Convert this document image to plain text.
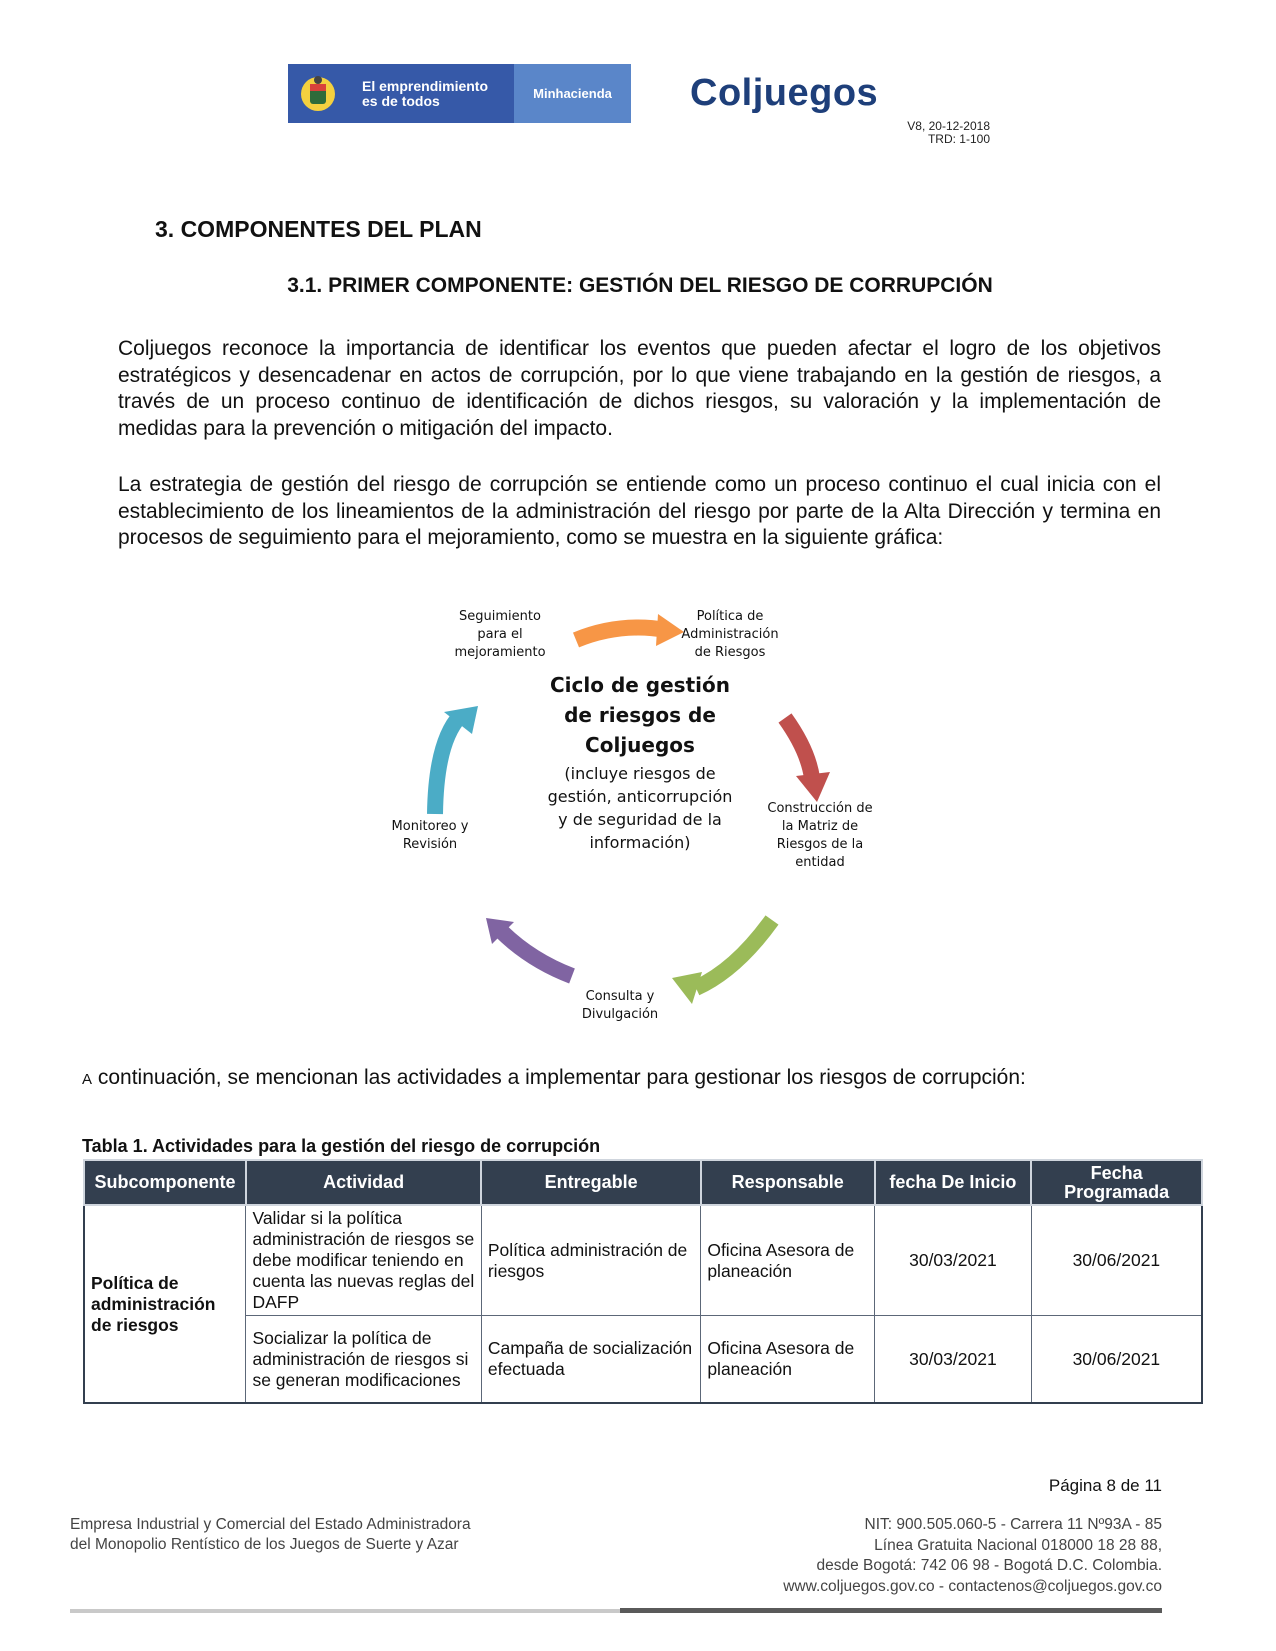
El emprendimiento es de todos	Minhacienda	Coljuegos
V8, 20-12-2018
TRD: 1-100
3. COMPONENTES DEL PLAN
3.1. PRIMER COMPONENTE: GESTIÓN DEL RIESGO DE CORRUPCIÓN

Coljuegos reconoce la importancia de identificar los eventos que pueden afectar el logro de los objetivos estratégicos y desencadenar en actos de corrupción, por lo que viene trabajando en la gestión de riesgos, a través de un proceso continuo de identificación de dichos riesgos, su valoración y la implementación de medidas para la prevención o mitigación del impacto.

La estrategia de gestión del riesgo de corrupción se entiende como un proceso continuo el cual inicia con el establecimiento de los lineamientos de la administración del riesgo por parte de la Alta Dirección y termina en procesos de seguimiento para el mejoramiento, como se muestra en la siguiente gráfica:

Política de
Administración
de Riesgos
Construcción de
la Matriz de
Riesgos de la
entidad
Consulta y
Divulgación
Monitoreo y
Revisión
Seguimiento
para el
mejoramiento
Ciclo de gestión
de riesgos de
Coljuegos
(incluye riesgos de
gestión, anticorrupción
y de seguridad de la
información)
A continuación, se mencionan las actividades a implementar para gestionar los riesgos de corrupción:
Tabla 1. Actividades para la gestión del riesgo de corrupción
Subcomponente	Actividad	Entregable	Responsable	fecha De Inicio	Fecha Programada
Política de administración de riesgos	Validar si la política administración de riesgos se debe modificar teniendo en cuenta las nuevas reglas del DAFP	Política administración de riesgos	Oficina Asesora de planeación	30/03/2021	30/06/2021
	Socializar la política de administración de riesgos si se generan modificaciones	Campaña de socialización efectuada	Oficina Asesora de planeación	30/03/2021	30/06/2021
Página 8 de 11
Empresa Industrial y Comercial del Estado Administradora
del Monopolio Rentístico de los Juegos de Suerte y Azar
NIT: 900.505.060-5 - Carrera 11 Nº93A - 85
Línea Gratuita Nacional 018000 18 28 88,
desde Bogotá: 742 06 98 - Bogotá D.C. Colombia.
www.coljuegos.gov.co - contactenos@coljuegos.gov.co
